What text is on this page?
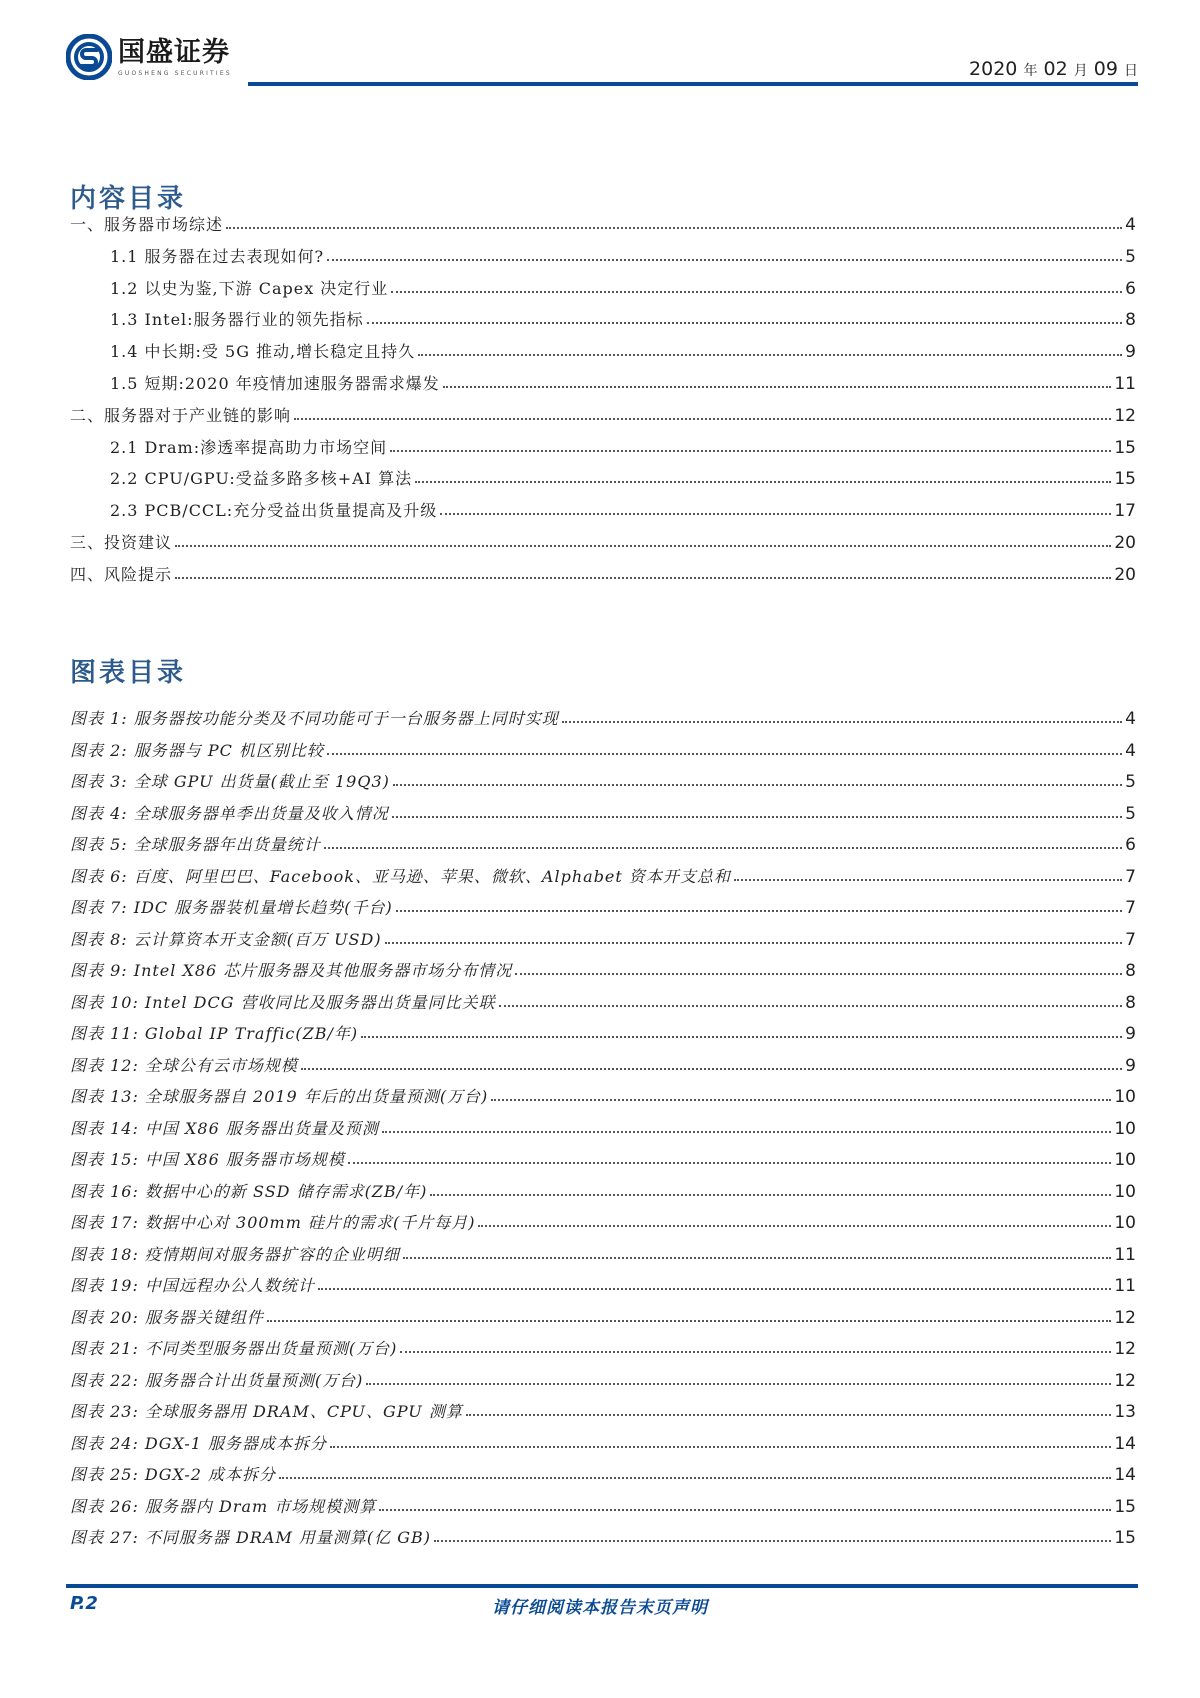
国盛证券
GUOSHENG SECURITIES	2020 年 02 月 09 日
内容目录
一、服务器市场综述	4
1.1 服务器在过去表现如何?	5
1.2 以史为鉴,下游 Capex 决定行业	6
1.3 Intel:服务器行业的领先指标	8
1.4 中长期:受 5G 推动,增长稳定且持久	9
1.5 短期:2020 年疫情加速服务器需求爆发	11
二、服务器对于产业链的影响	12
2.1 Dram:渗透率提高助力市场空间	15
2.2 CPU/GPU:受益多路多核+AI 算法	15
2.3 PCB/CCL:充分受益出货量提高及升级	17
三、投资建议	20
四、风险提示	20
图表目录
图表 1: 服务器按功能分类及不同功能可于一台服务器上同时实现	4
图表 2: 服务器与 PC 机区别比较	4
图表 3: 全球 GPU 出货量(截止至 19Q3)	5
图表 4: 全球服务器单季出货量及收入情况	5
图表 5: 全球服务器年出货量统计	6
图表 6: 百度、阿里巴巴、Facebook、亚马逊、苹果、微软、Alphabet 资本开支总和	7
图表 7: IDC 服务器装机量增长趋势(千台)	7
图表 8: 云计算资本开支金额(百万 USD)	7
图表 9: Intel X86 芯片服务器及其他服务器市场分布情况	8
图表 10: Intel DCG 营收同比及服务器出货量同比关联	8
图表 11: Global IP Traffic(ZB/年)	9
图表 12: 全球公有云市场规模	9
图表 13: 全球服务器自 2019 年后的出货量预测(万台)	10
图表 14: 中国 X86 服务器出货量及预测	10
图表 15: 中国 X86 服务器市场规模	10
图表 16: 数据中心的新 SSD 储存需求(ZB/年)	10
图表 17: 数据中心对 300mm 硅片的需求(千片每月)	10
图表 18: 疫情期间对服务器扩容的企业明细	11
图表 19: 中国远程办公人数统计	11
图表 20: 服务器关键组件	12
图表 21: 不同类型服务器出货量预测(万台)	12
图表 22: 服务器合计出货量预测(万台)	12
图表 23: 全球服务器用 DRAM、CPU、GPU 测算	13
图表 24: DGX-1 服务器成本拆分	14
图表 25: DGX-2 成本拆分	14
图表 26: 服务器内 Dram 市场规模测算	15
图表 27: 不同服务器 DRAM 用量测算(亿 GB)	15
P.2	请仔细阅读本报告末页声明
